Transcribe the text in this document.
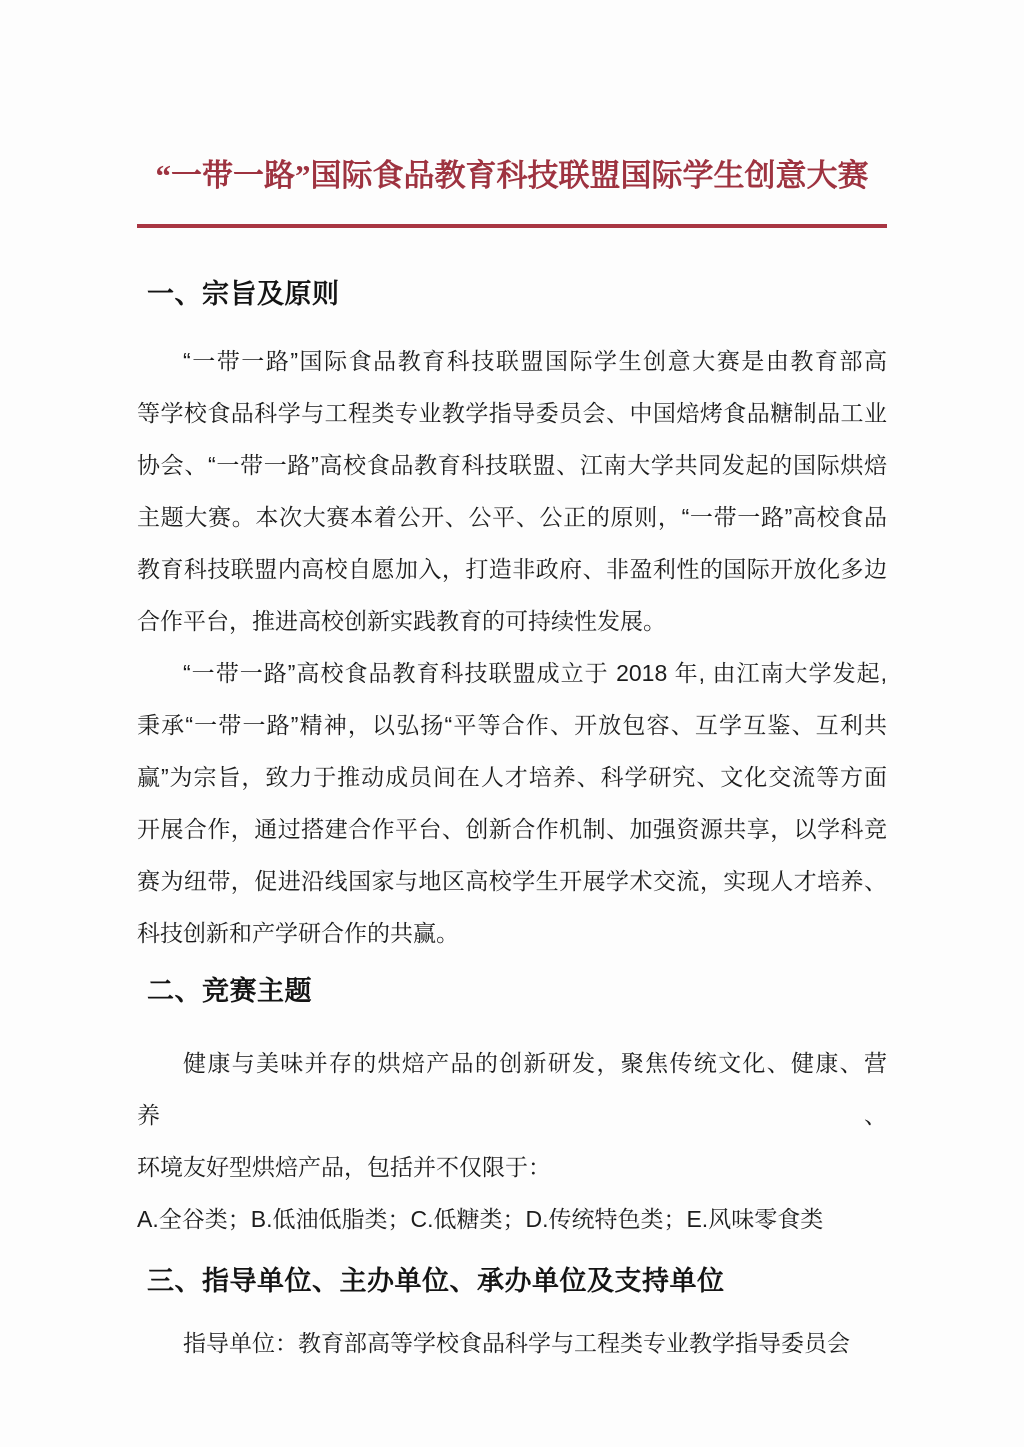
“一带一路”国际食品教育科技联盟国际学生创意大赛
一、宗旨及原则
“一带一路”国际食品教育科技联盟国际学生创意大赛是由教育部高
等学校食品科学与工程类专业教学指导委员会、中国焙烤食品糖制品工业
协会、“一带一路”高校食品教育科技联盟、江南大学共同发起的国际烘焙
主题大赛。本次大赛本着公开、公平、公正的原则，“一带一路”高校食品
教育科技联盟内高校自愿加入，打造非政府、非盈利性的国际开放化多边
合作平台，推进高校创新实践教育的可持续性发展。
“一带一路”高校食品教育科技联盟成立于 2018 年, 由江南大学发起,
秉承“一带一路”精神，以弘扬“平等合作、开放包容、互学互鉴、互利共
赢”为宗旨，致力于推动成员间在人才培养、科学研究、文化交流等方面
开展合作，通过搭建合作平台、创新合作机制、加强资源共享，以学科竞
赛为纽带，促进沿线国家与地区高校学生开展学术交流，实现人才培养、
科技创新和产学研合作的共赢。
二、竞赛主题
健康与美味并存的烘焙产品的创新研发，聚焦传统文化、健康、营养、
环境友好型烘焙产品，包括并不仅限于：
A.全谷类；B.低油低脂类；C.低糖类；D.传统特色类；E.风味零食类
三、指导单位、主办单位、承办单位及支持单位
指导单位：教育部高等学校食品科学与工程类专业教学指导委员会
